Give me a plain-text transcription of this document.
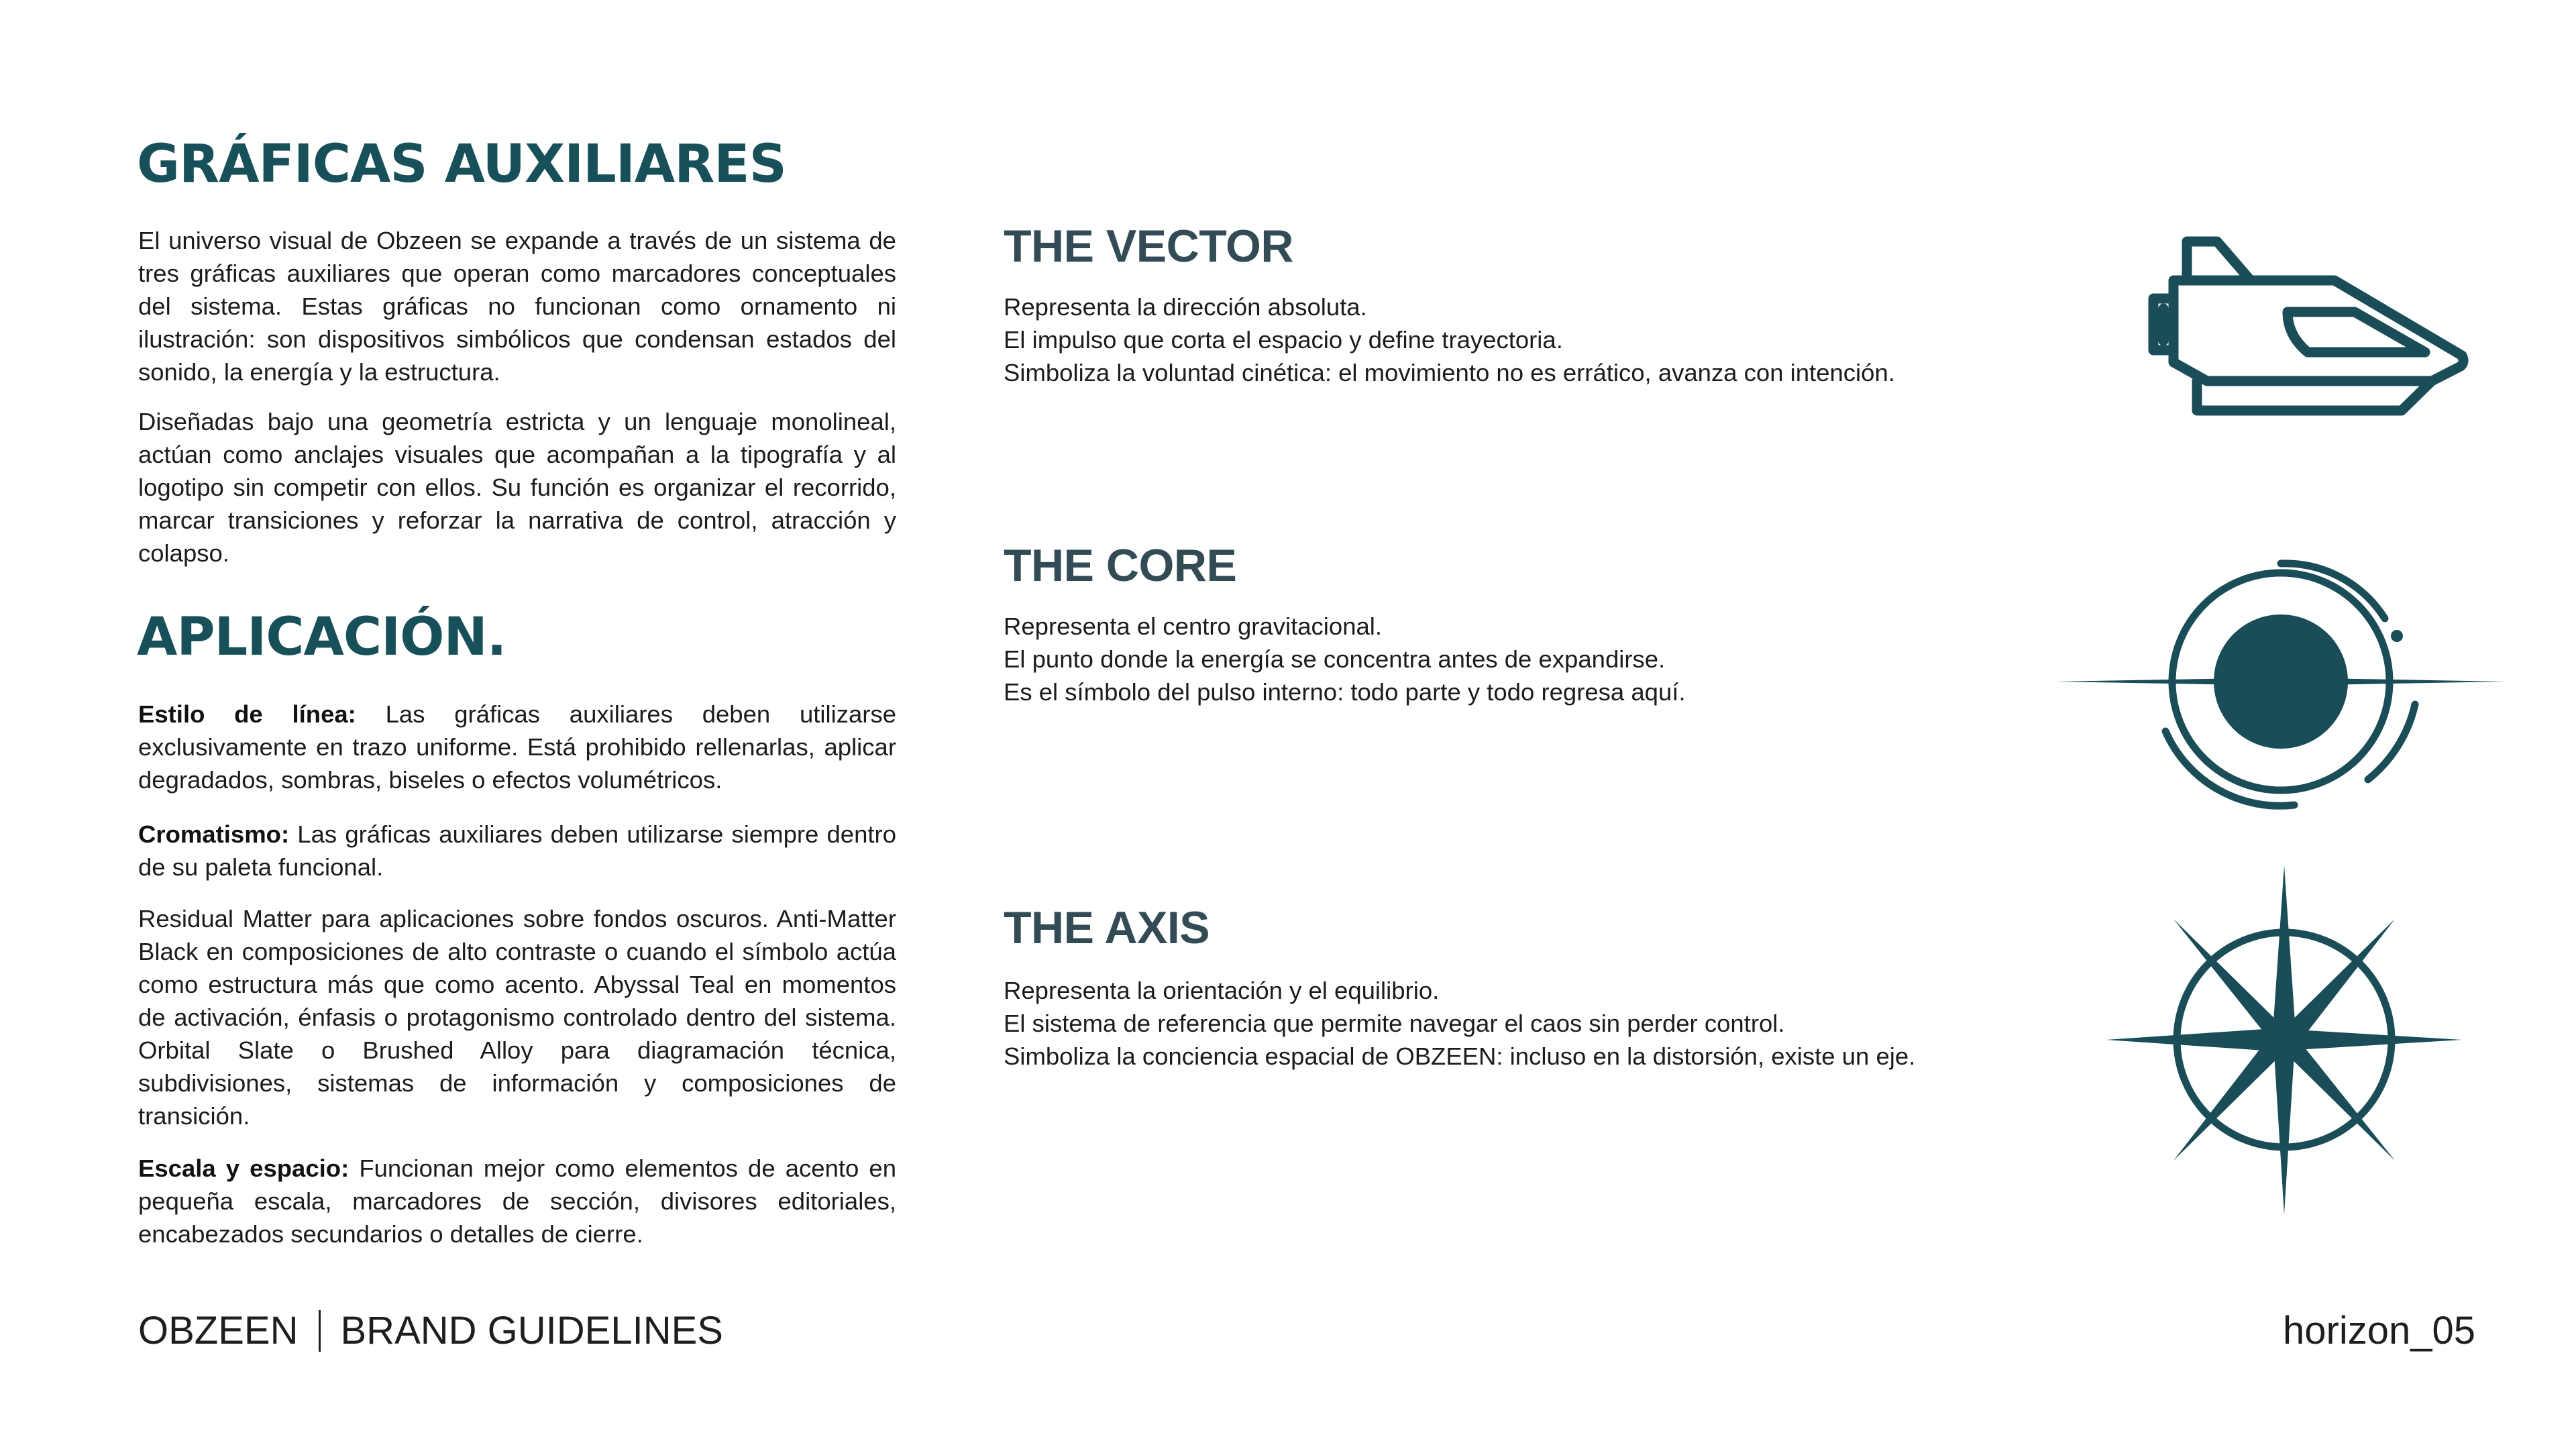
GRÁFICAS AUXILIARES

El universo visual de Obzeen se expande a través de un sistema de tres gráficas auxiliares que operan como marcadores conceptuales del sistema. Estas gráficas no funcionan como ornamento ni ilustración: son dispositivos simbólicos que condensan estados del sonido, la energía y la estructura.

Diseñadas bajo una geometría estricta y un lenguaje monolineal, actúan como anclajes visuales que acompañan a la tipografía y al logotipo sin competir con ellos. Su función es organizar el recorrido, marcar transiciones y reforzar la narrativa de control, atracción y colapso.

APLICACIÓN.

Estilo de línea: Las gráficas auxiliares deben utilizarse exclusivamente en trazo uniforme. Está prohibido rellenarlas, aplicar degradados, sombras, biseles o efectos volumétricos.

Cromatismo: Las gráficas auxiliares deben utilizarse siempre dentro de su paleta funcional.

Residual Matter para aplicaciones sobre fondos oscuros. Anti-Matter Black en composiciones de alto contraste o cuando el símbolo actúa como estructura más que como acento. Abyssal Teal en momentos de activación, énfasis o protagonismo controlado dentro del sistema. Orbital Slate o Brushed Alloy para diagramación técnica, subdivisiones, sistemas de información y composiciones de transición.

Escala y espacio: Funcionan mejor como elementos de acento en pequeña escala, marcadores de sección, divisores editoriales, encabezados secundarios o detalles de cierre.

THE VECTOR
Representa la dirección absoluta.
El impulso que corta el espacio y define trayectoria.
Simboliza la voluntad cinética: el movimiento no es errático, avanza con intención.
THE CORE
Representa el centro gravitacional.
El punto donde la energía se concentra antes de expandirse.
Es el símbolo del pulso interno: todo parte y todo regresa aquí.
THE AXIS
Representa la orientación y el equilibrio.
El sistema de referencia que permite navegar el caos sin perder control.
Simboliza la conciencia espacial de OBZEEN: incluso en la distorsión, existe un eje.
OBZEEN BRAND GUIDELINES	horizon_05
